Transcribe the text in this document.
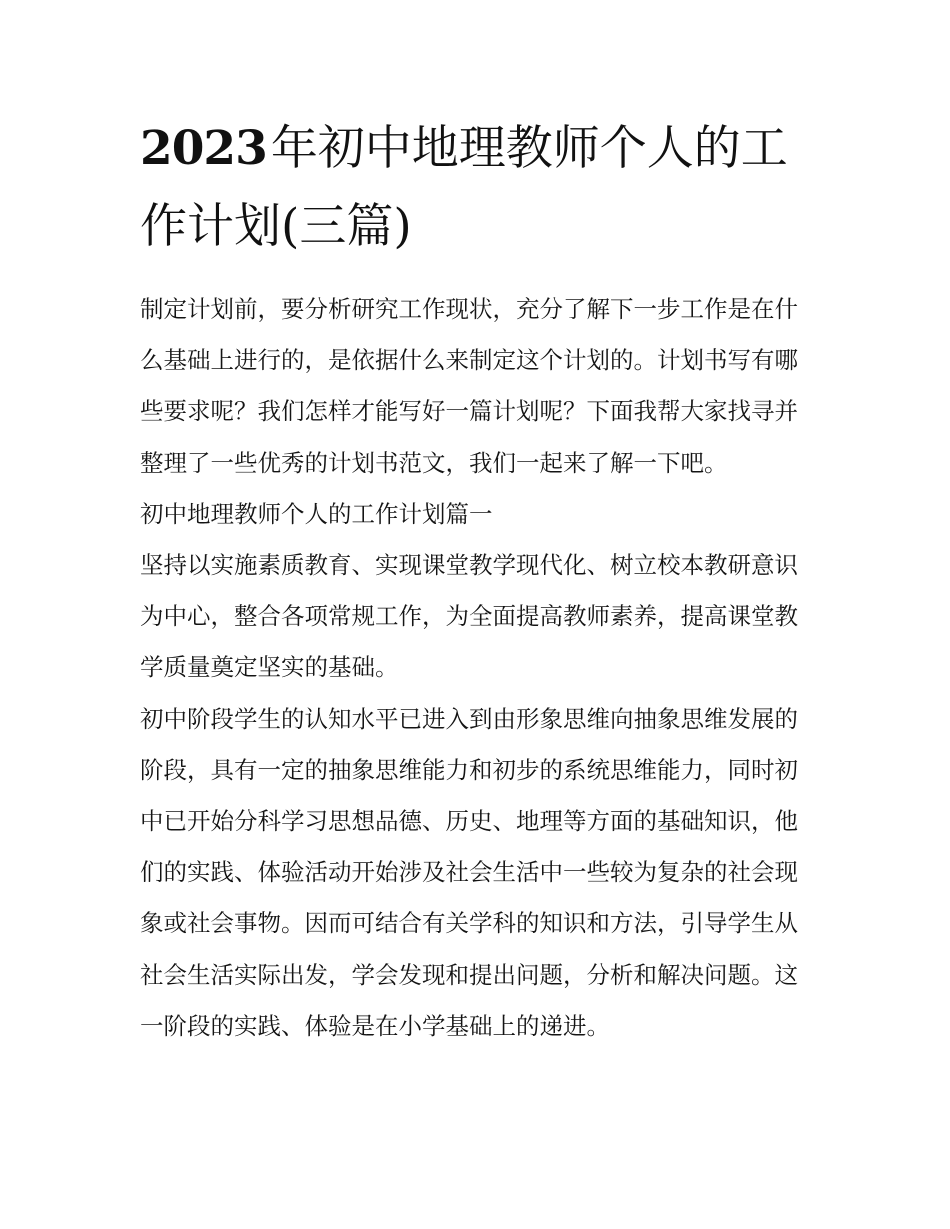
2023年初中地理教师个人的工作计划(三篇)

制定计划前，要分析研究工作现状，充分了解下一步工作是在什么基础上进行的，是依据什么来制定这个计划的。计划书写有哪些要求呢？我们怎样才能写好一篇计划呢？下面我帮大家找寻并整理了一些优秀的计划书范文，我们一起来了解一下吧。

初中地理教师个人的工作计划篇一

坚持以实施素质教育、实现课堂教学现代化、树立校本教研意识为中心，整合各项常规工作，为全面提高教师素养，提高课堂教学质量奠定坚实的基础。

初中阶段学生的认知水平已进入到由形象思维向抽象思维发展的阶段，具有一定的抽象思维能力和初步的系统思维能力，同时初中已开始分科学习思想品德、历史、地理等方面的基础知识，他们的实践、体验活动开始涉及社会生活中一些较为复杂的社会现象或社会事物。因而可结合有关学科的知识和方法，引导学生从社会生活实际出发，学会发现和提出问题，分析和解决问题。这一阶段的实践、体验是在小学基础上的递进。
